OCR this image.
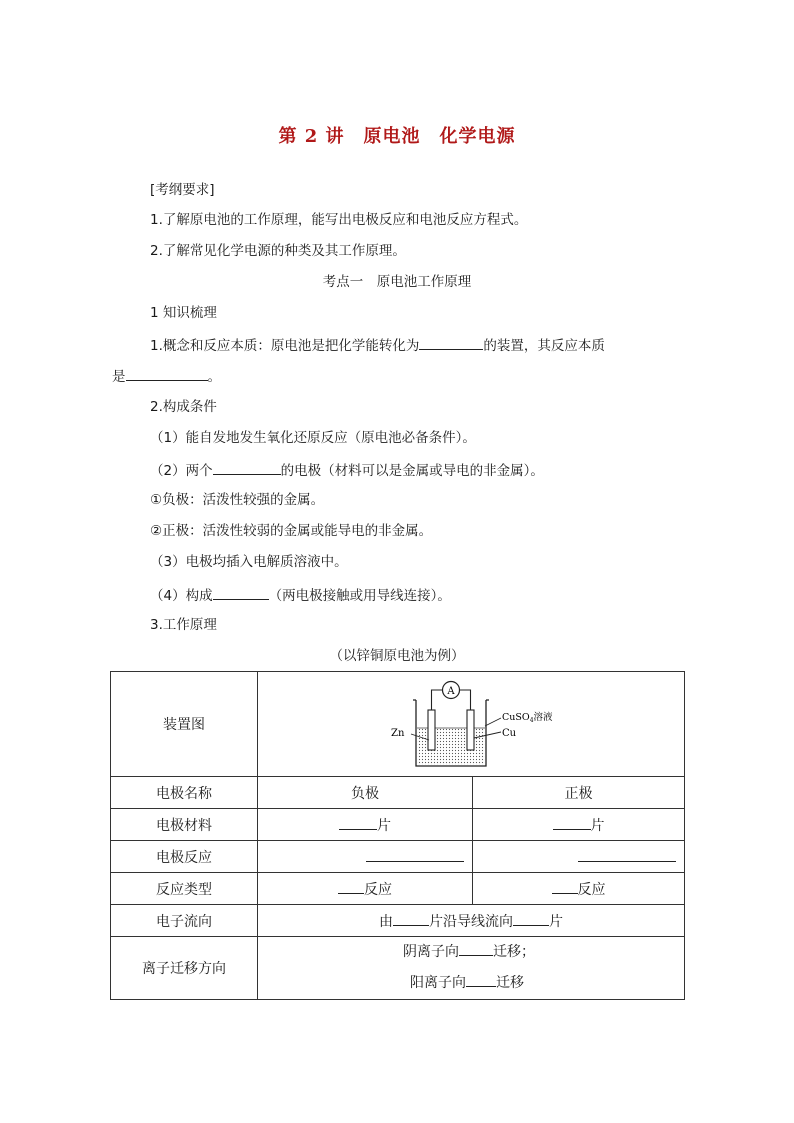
第 2 讲　原电池　化学电源
[考纲要求]
1.了解原电池的工作原理，能写出电极反应和电池反应方程式。
2.了解常见化学电源的种类及其工作原理。
考点一　原电池工作原理
1 知识梳理
1.概念和反应本质：原电池是把化学能转化为	的装置，其反应本质
是	。
2.构成条件
（1）能自发地发生氧化还原反应（原电池必备条件）。
（2）两个	的电极（材料可以是金属或导电的非金属）。
①负极：活泼性较强的金属。
②正极：活泼性较弱的金属或能导电的非金属。
（3）电极均插入电解质溶液中。
（4）构成	（两电极接触或用导线连接）。
3.工作原理
（以锌铜原电池为例）
装置图	A
Zn
CuSO$_4$溶液
Cu	

电极名称	负极	正极
电极材料	片	片
电极反应		
反应类型	反应	反应
电子流向	由 片沿导线流向 片	
离子迁移方向	阴离子向 迁移；
阳离子向 迁移	
